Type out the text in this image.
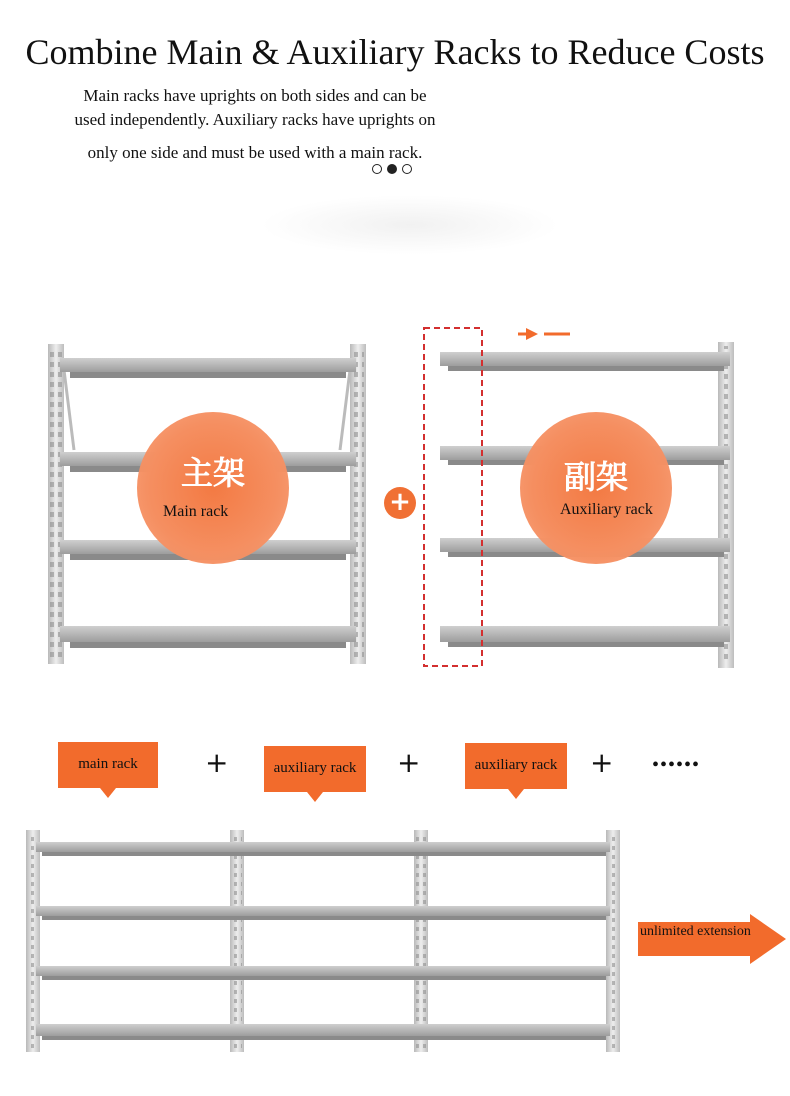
Combine Main & Auxiliary Racks to Reduce Costs
Main racks have uprights on both sides and can be
used independently. Auxiliary racks have uprights on
only one side and must be used with a main rack.
主架
Main rack	+
副架
Auxiliary rack
main rack	+	auxiliary rack	+	auxiliary rack	+ ••••••
unlimited extension
